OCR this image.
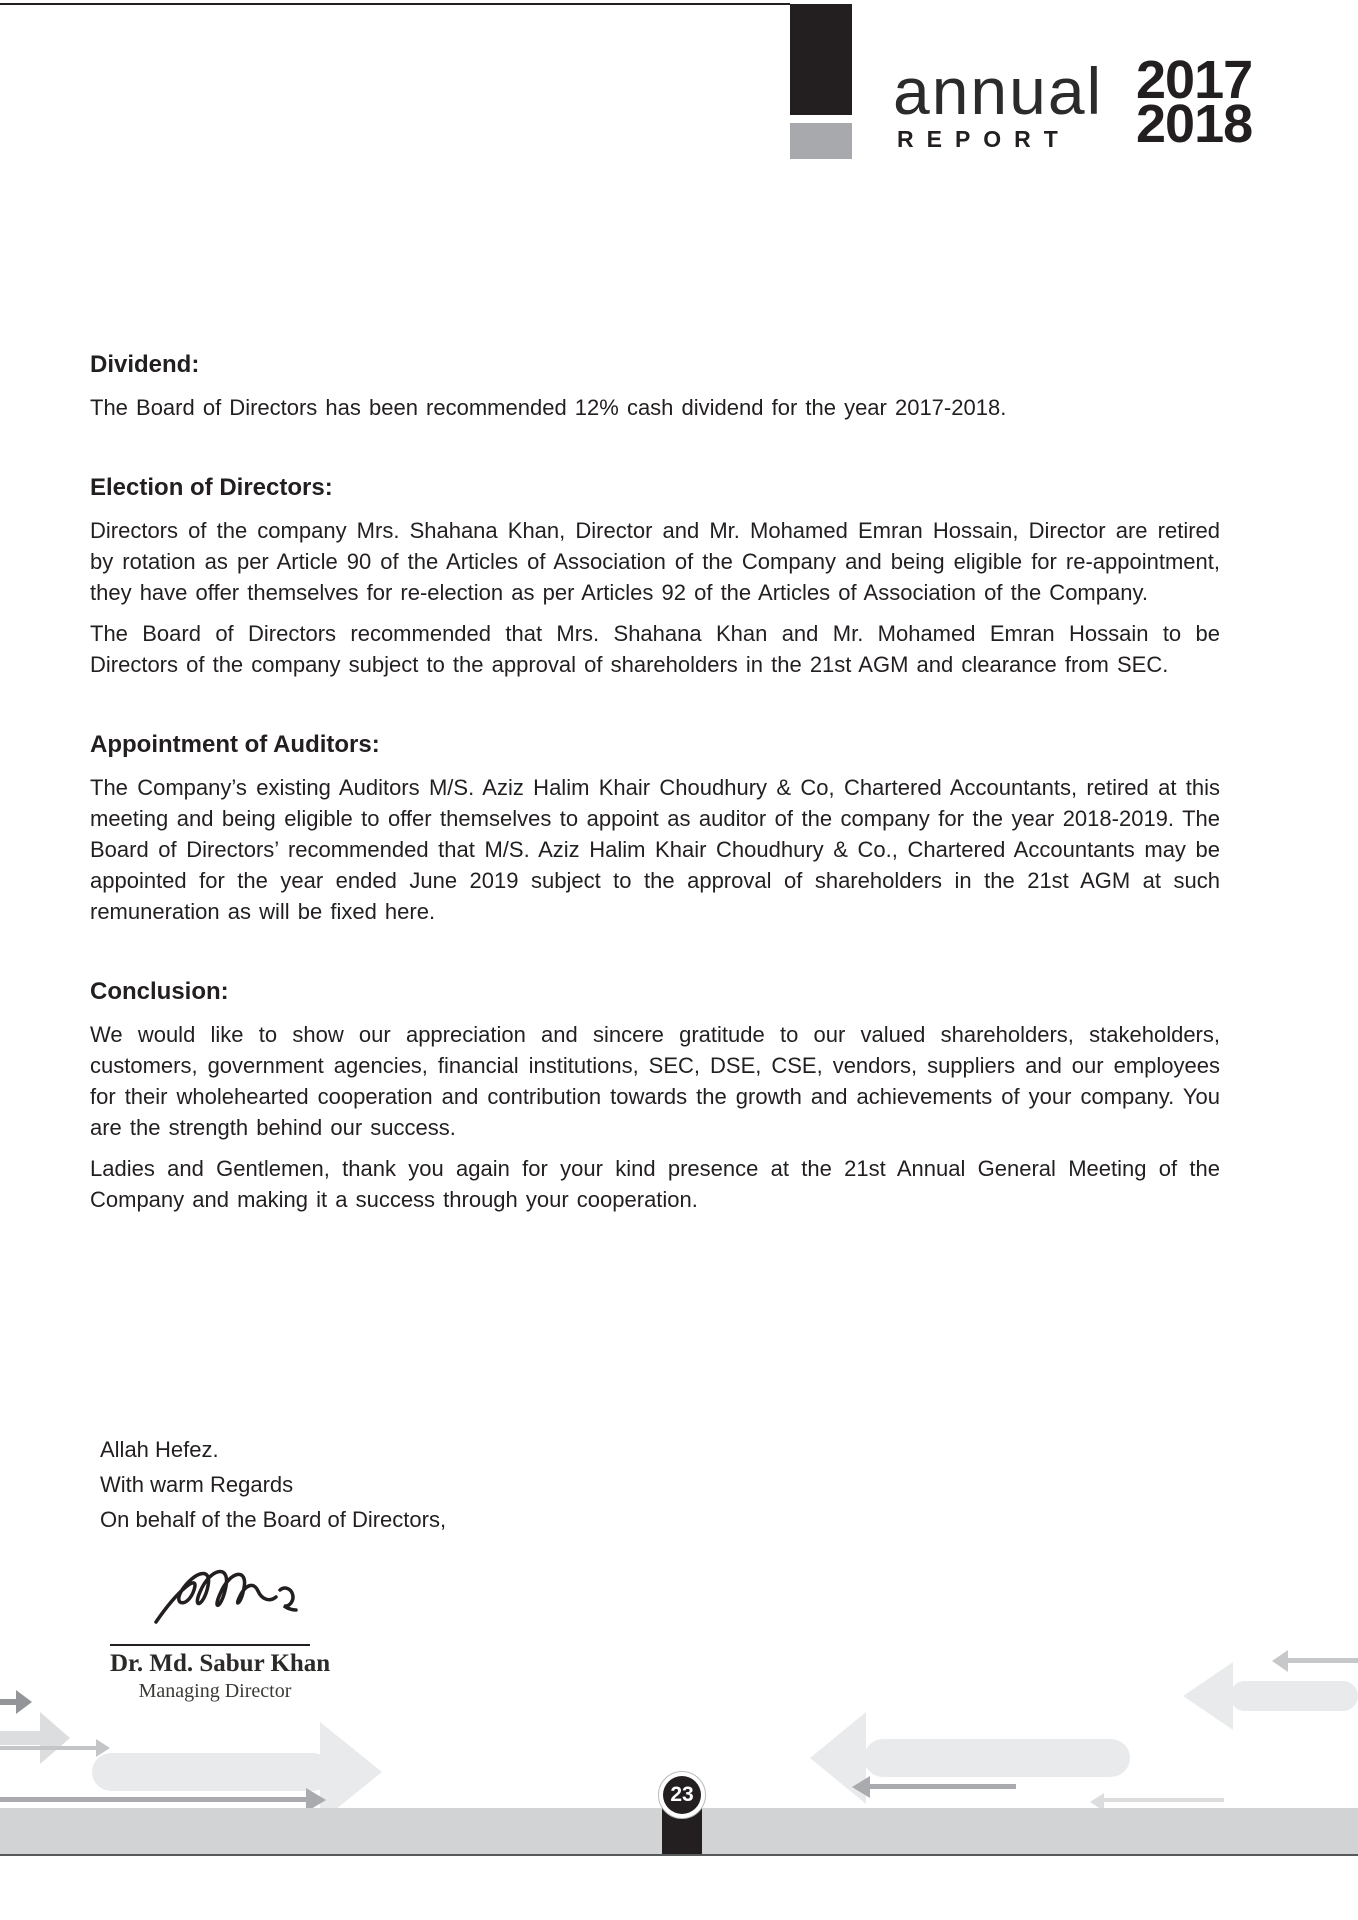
annual
REPORT
2017
2018
Dividend:

The Board of Directors has been recommended 12% cash dividend for the year 2017-2018.

Election of Directors:

Directors of the company Mrs. Shahana Khan, Director and Mr. Mohamed Emran Hossain, Director are retired by rotation as per Article 90 of the Articles of Association of the Company and being eligible for re-appointment, they have offer themselves for re-election as per Articles 92 of the Articles of Association of the Company.

The Board of Directors recommended that Mrs. Shahana Khan and Mr. Mohamed Emran Hossain to be Directors of the company subject to the approval of shareholders in the 21st AGM and clearance from SEC.

Appointment of Auditors:

The Company’s existing Auditors M/S. Aziz Halim Khair Choudhury & Co, Chartered Accountants, retired at this meeting and being eligible to offer themselves to appoint as auditor of the company for the year 2018-2019. The Board of Directors’ recommended that M/S. Aziz Halim Khair Choudhury & Co., Chartered Accountants may be appointed for the year ended June 2019 subject to the approval of shareholders in the 21st AGM at such remuneration as will be fixed here.

Conclusion:

We would like to show our appreciation and sincere gratitude to our valued shareholders, stakeholders, customers, government agencies, financial institutions, SEC, DSE, CSE, vendors, suppliers and our employees for their wholehearted cooperation and contribution towards the growth and achievements of your company. You are the strength behind our success.

Ladies and Gentlemen, thank you again for your kind presence at the 21st Annual General Meeting of the Company and making it a success through your cooperation.

Allah Hefez.
With warm Regards
On behalf of the Board of Directors,
Dr. Md. Sabur Khan
Managing Director
23
